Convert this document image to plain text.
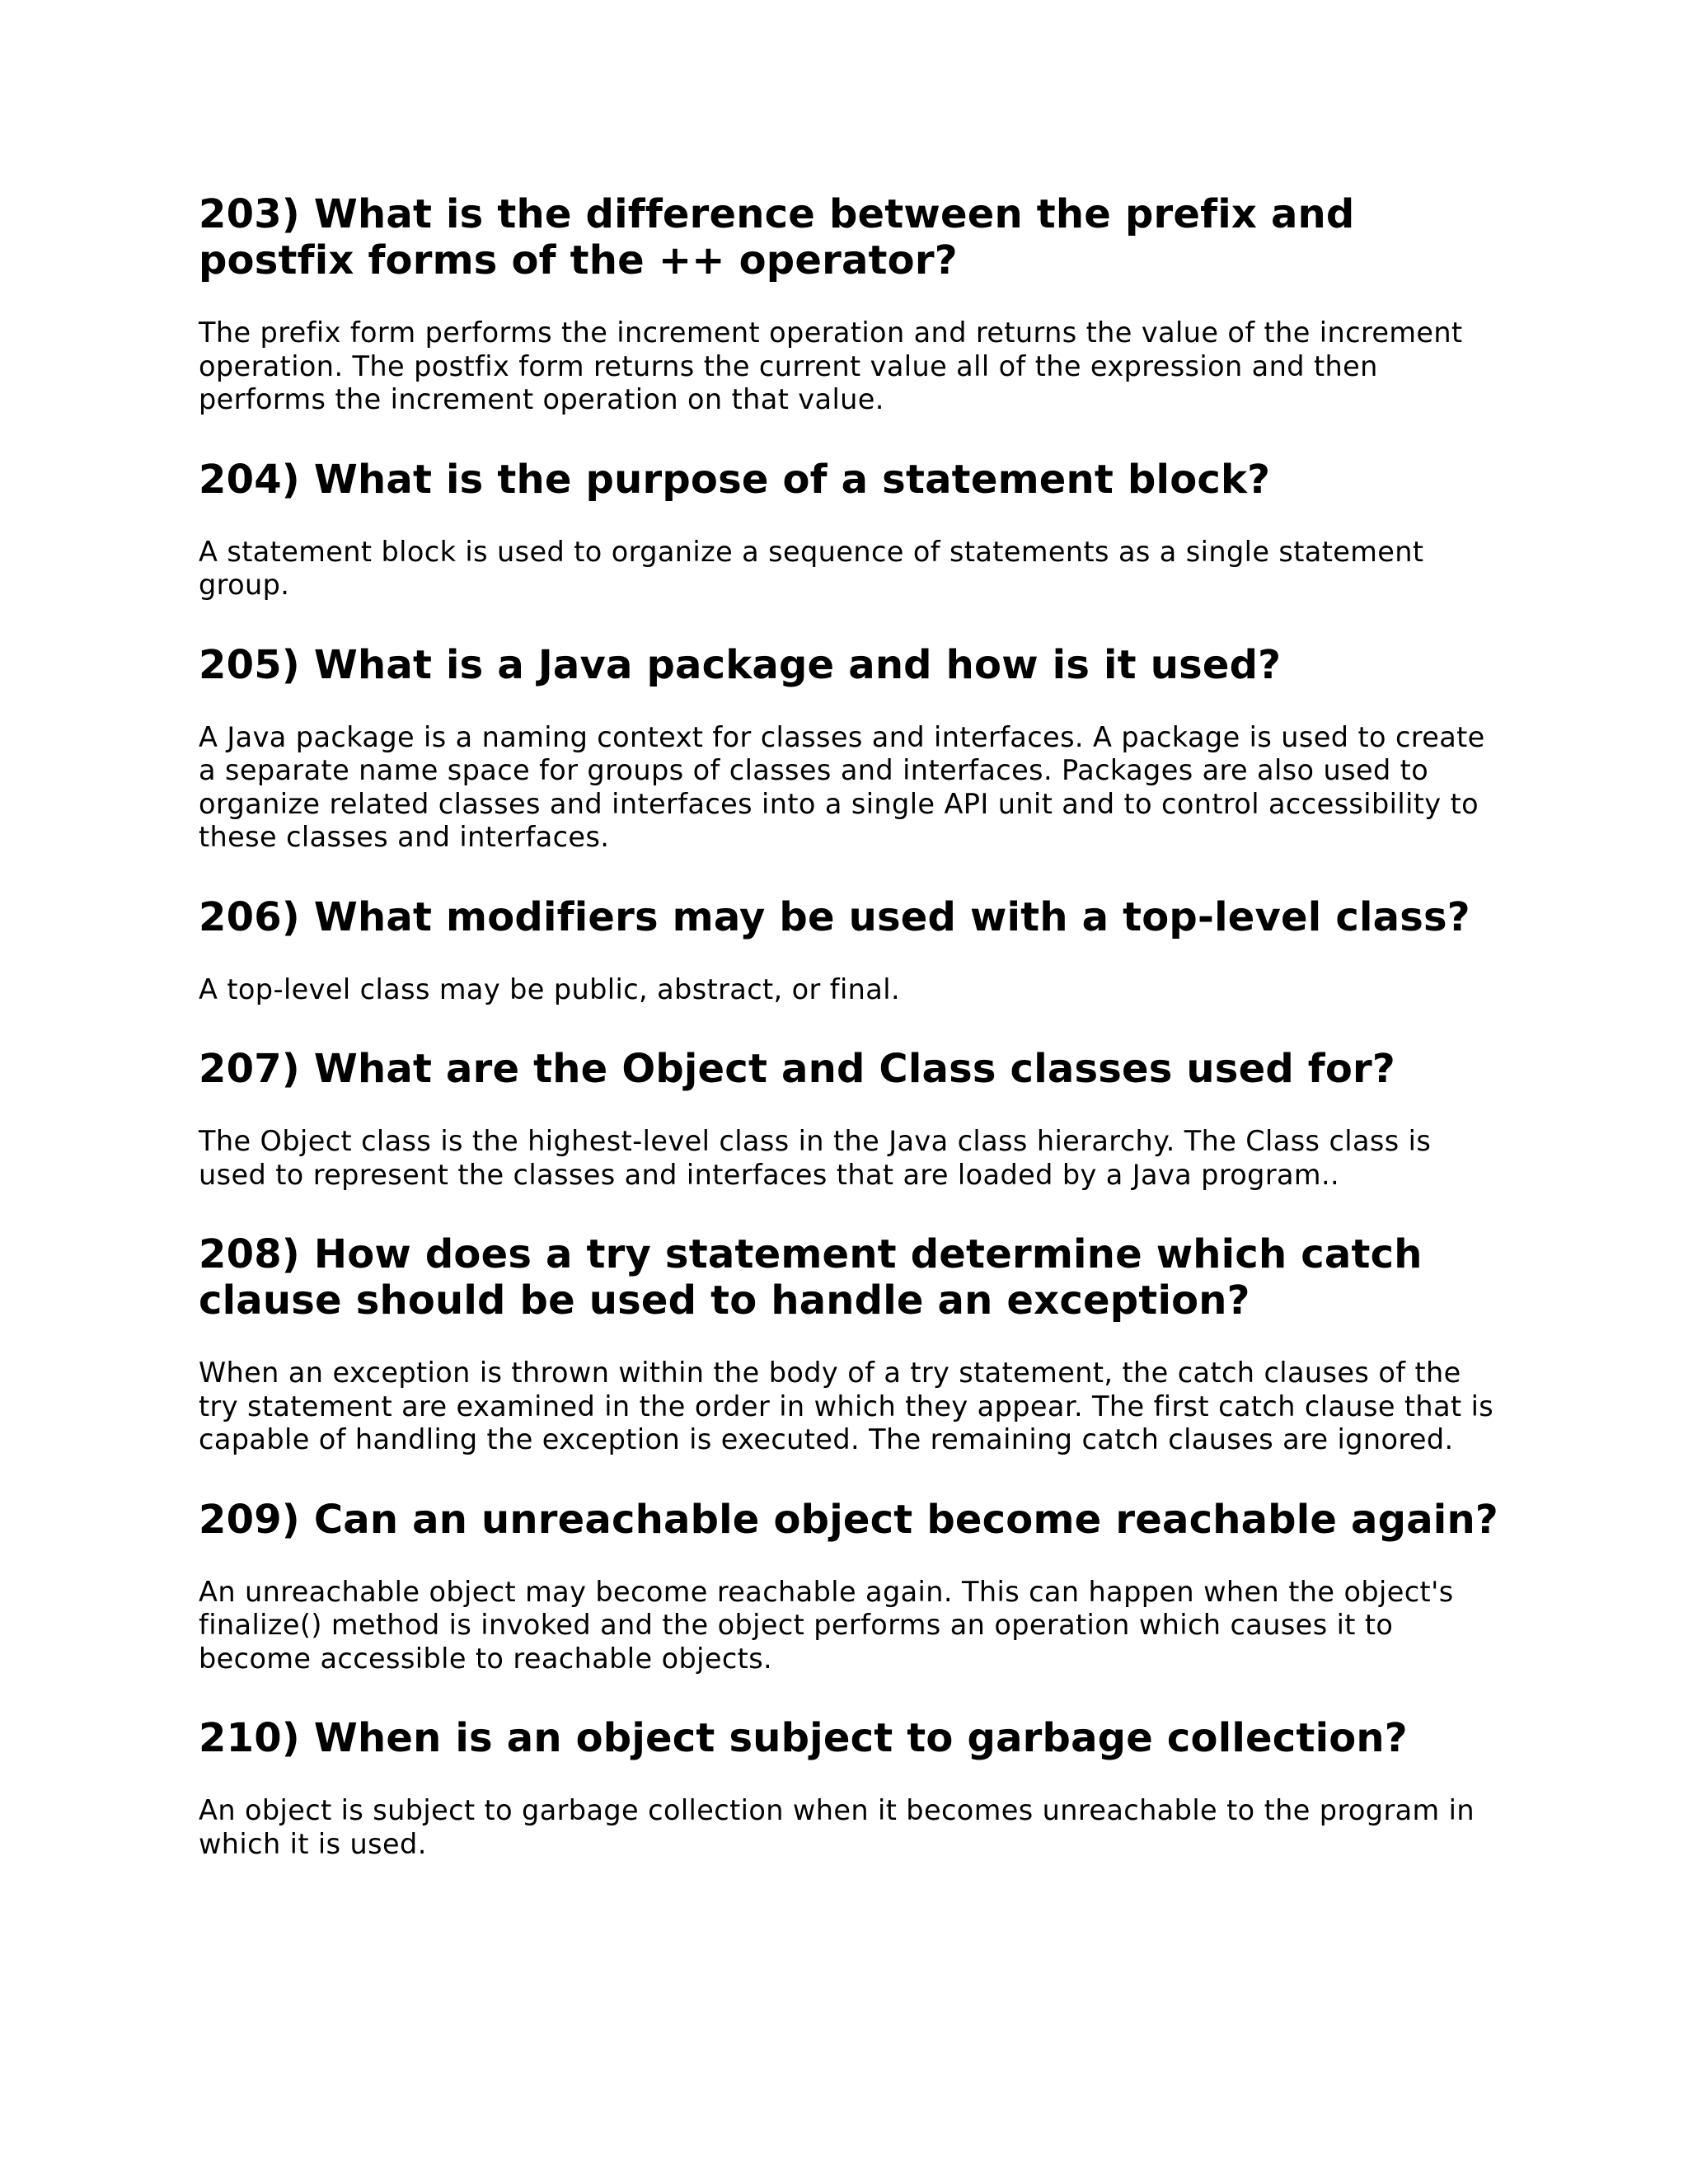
203) What is the difference between the prefix and postfix forms of the ++ operator?

The prefix form performs the increment operation and returns the value of the increment operation. The postfix form returns the current value all of the expression and then performs the increment operation on that value.

204) What is the purpose of a statement block?

A statement block is used to organize a sequence of statements as a single statement group.

205) What is a Java package and how is it used?

A Java package is a naming context for classes and interfaces. A package is used to create a separate name space for groups of classes and interfaces. Packages are also used to organize related classes and interfaces into a single API unit and to control accessibility to these classes and interfaces.

206) What modifiers may be used with a top-level class?

A top-level class may be public, abstract, or final.

207) What are the Object and Class classes used for?

The Object class is the highest-level class in the Java class hierarchy. The Class class is used to represent the classes and interfaces that are loaded by a Java program..

208) How does a try statement determine which catch clause should be used to handle an exception?

When an exception is thrown within the body of a try statement, the catch clauses of the try statement are examined in the order in which they appear. The first catch clause that is capable of handling the exception is executed. The remaining catch clauses are ignored.

209) Can an unreachable object become reachable again?

An unreachable object may become reachable again. This can happen when the object's finalize() method is invoked and the object performs an operation which causes it to become accessible to reachable objects.

210) When is an object subject to garbage collection?

An object is subject to garbage collection when it becomes unreachable to the program in which it is used.
